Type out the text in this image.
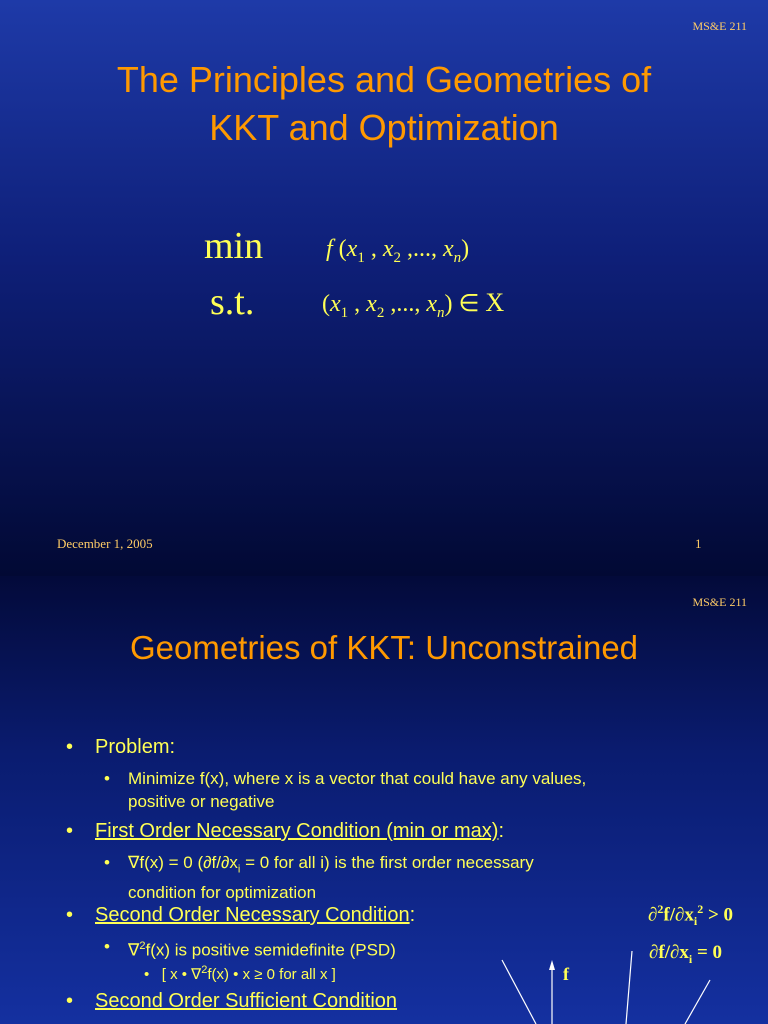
MS&E 211
The Principles and Geometries of
KKT and Optimization
min
s.t.
f ($x_1$ , $x_2$ ,..., $x_n$)
($x_1$ , $x_2$ ,..., $x_n$) ∈ X
December 1, 2005	1
MS&E 211
Geometries of KKT: Unconstrained
• Problem:
• Minimize f(x), where x is a vector that could have any values,
positive or negative
• First Order Necessary Condition (min or max):
• ∇f(x) = 0 ($\partial f/\partial x_i = 0$ for all i) is the first order necessary
condition for optimization
• Second Order Necessary Condition:
• ∇$^2$f(x) is positive semidefinite (PSD)
•   [ x • ∇$^2$f(x) • x ≥ 0 for all x ]
• Second Order Sufficient Condition
$\partial^2f/\partial x_i^2 > 0$
$\partial f/\partial x_i = 0$
f
